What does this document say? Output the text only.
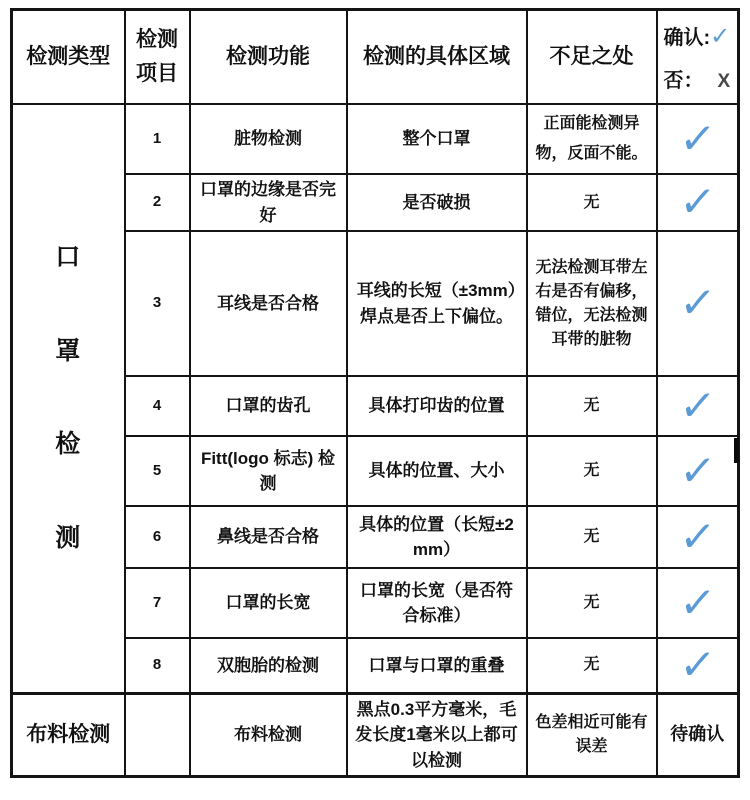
检测类型	检测项目	检测功能	检测的具体区域	不足之处	确认:✓
否： X

口
罩
检
测	1	脏物检测	整个口罩	正面能检测异物，反面不能。	✓
	2	口罩的边缘是否完好	是否破损	无	✓
	3	耳线是否合格	耳线的长短（±3mm）焊点是否上下偏位。	无法检测耳带左右是否有偏移，错位，无法检测耳带的脏物	✓
	4	口罩的齿孔	具体打印齿的位置	无	✓
	5	Fitt(logo 标志) 检测	具体的位置、大小	无	✓
	6	鼻线是否合格	具体的位置（长短±2mm）	无	✓
	7	口罩的长宽	口罩的长宽（是否符合标准）	无	✓
	8	双胞胎的检测	口罩与口罩的重叠	无	✓
布料检测		布料检测	黑点0.3平方毫米，毛发长度1毫米以上都可以检测	色差相近可能有误差	待确认
